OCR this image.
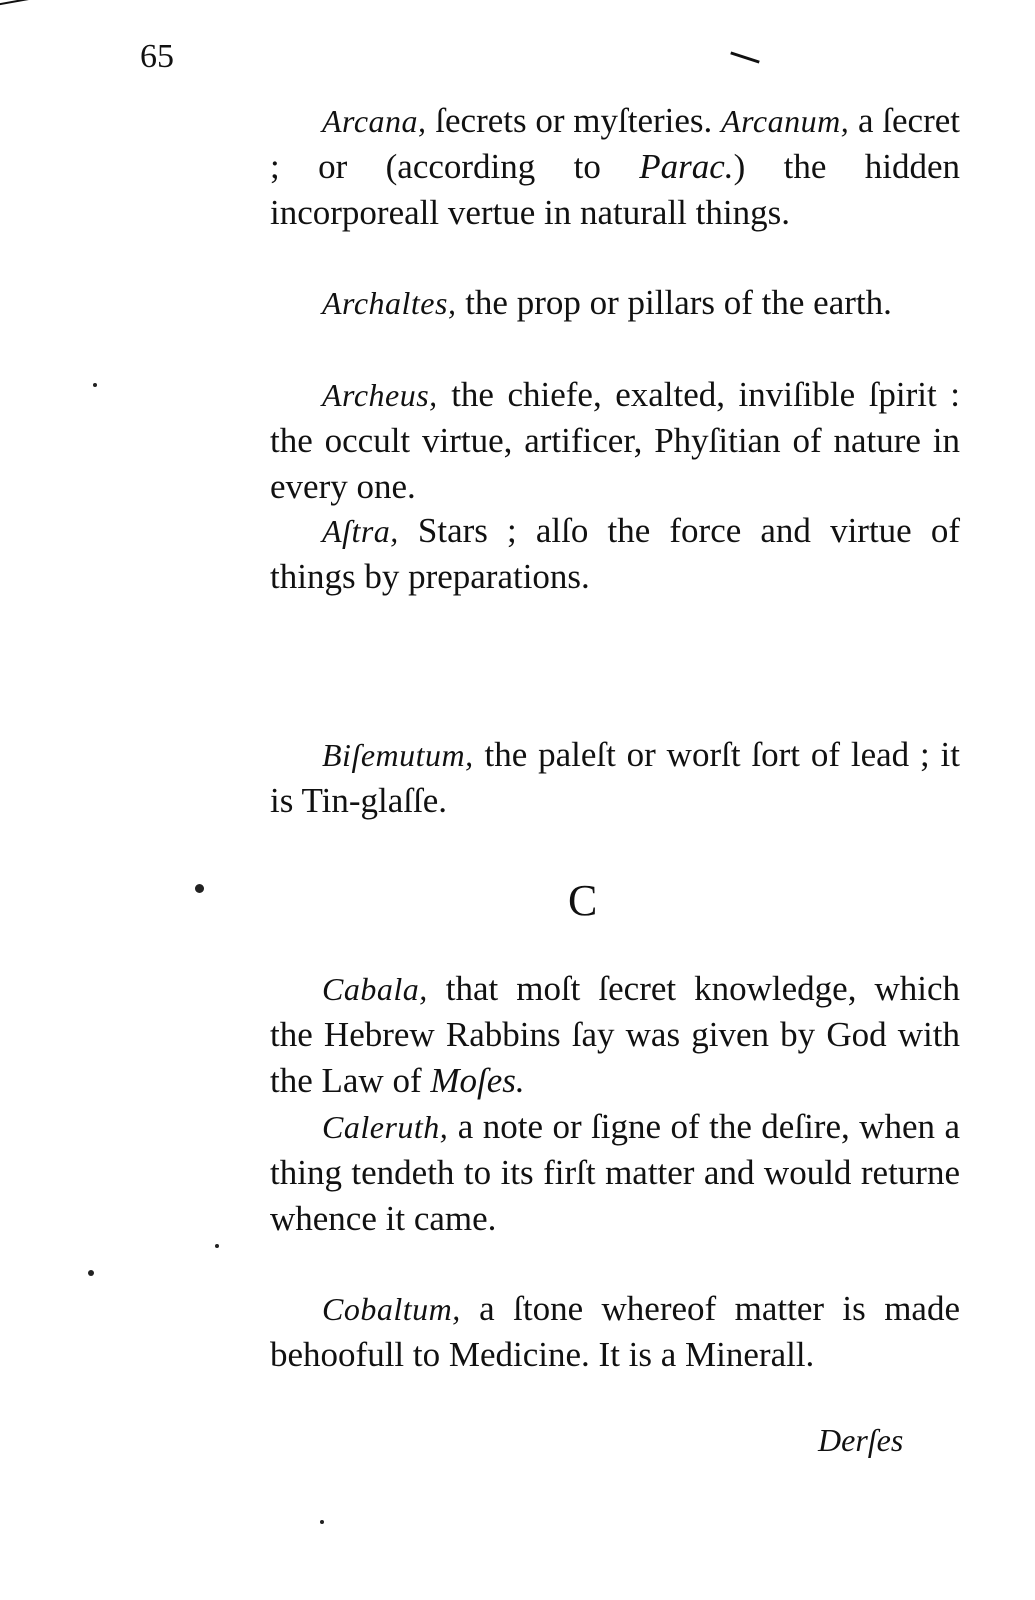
65
Arcana, ſecrets or myſteries. Arcanum, a ſecret ; or (according to Parac.) the hidden incorporeall vertue in naturall things.
Archaltes, the prop or pillars of the earth.
Archeus, the chiefe, exalted, inviſible ſpirit : the occult virtue, artificer, Phyſitian of nature in every one.
Aſtra, Stars ; alſo the force and virtue of things by preparations.
Biſemutum, the paleſt or worſt ſort of lead ; it is Tin-glaſſe.
C
Cabala, that moſt ſecret knowledge, which the Hebrew Rabbins ſay was given by God with the Law of Moſes.
Caleruth, a note or ſigne of the deſire, when a thing tendeth to its firſt matter and would returne whence it came.
Cobaltum, a ſtone whereof matter is made behoofull to Medicine. It is a Minerall.
Derſes
